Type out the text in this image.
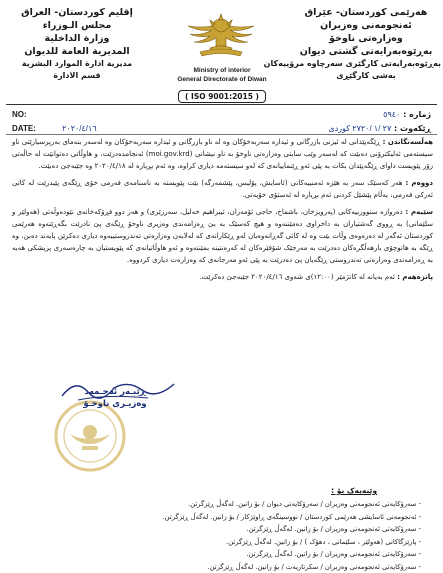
هەرێمی کوردستان- عێراق
ئەنجومەنی وەزیران
وەزارەتی ناوخۆ
بەڕێوەبەرایەتی گشتی دیوان
بەڕێوەبەرایەتی کارگێری سەرچاوە مرۆییەکان
بەشی کارگێڕی
إقليم كوردستان- العراق
مجلس الـوزراء
وزارة الداخلية
المديرية العامة للديوان
مديرية ادارة الموارد البشرية
قسم الادارة
Ministry of interior
General Directorate of Diwan
( ISO 9001:2015 )
NO:
DATE:	٢٠٢٠/٤/١٦
ژمارە : ٥٩٤٠
ڕێکەوت : ٢٧ /١ /٢٧٢٠ کوردی

هەڵسەنگاندن : ڕێگەپێدانی لە ئیزنی بازرگانی و ئیدارە سەربەخۆکان وە لە ناو بازرگانی و ئیدارە سەربەخۆکان وە لەسەر بنەمای بەرپرسیارێتی ناو سیستەمی ئەلیکترۆنی دەبێت کە لەسەر وێب سایتی وەزارەتی ناوخۆ بە ناو نیشانی (moi.gov.krd) ئەنجامدەدرێت، و هاوڵاتی دەتوانێت لە حاڵەتی زۆر پێویست داوای ڕێگەپێدان بکات بە پێی ئەو ڕێنماییانەی کە لەو سیستەمە دیاری کراوە، وە ئەم بڕیارە لە ٢٠٢٠/٤/١٨ وە جێبەجێ دەبێت.

دووەم : هەر کەسێک سەر بە هێزە ئەمنییەکانی (ئاسایش، پۆلیس، پێشمەرگە) بێت پێویستە بە ناسنامەی فەرمی خۆی ڕێگەی پێبدرێت لە کاتی ئەرکی فەرمی، بەڵام پێشێل کردنی ئەم بڕیارە لە ئەستۆی خۆیەتی.

سێیەم : دەروازە سنوورییەکانی (پەرویزخان، باشماخ، حاجی ئۆمەران، ئیبراهیم خەلیل، سەرزێری) و هەر دوو فڕۆکەخانەی نێودەوڵەتی (هەولێر و سلێمانی) بە ڕووی گەشتیاران بە داخراوی دەمێننەوە و هیچ کەسێک بە بێ ڕەزامەندی وەزیری ناوخۆ ڕێگەی پێ نادرێت بگەڕێتەوە هەرێمی کوردستان ئەگەر لە دەرەوەی وڵات بێت وە لە کاتی گەڕانەوەیان لەو ڕێکارانەی کە لەلایەن وەزارەتی تەندروستییەوە دیاری دەکرێن پابەند دەبن، وە ڕێگە بە هاتوچۆی بارهەڵگرەکان دەدرێت بە مەرجێک شۆفێرەکان لە کەرەنتینە بمێننەوە و ئەو هاوڵاتیانەی کە پێویستیان بە چارەسەری پزیشکی هەیە بە ڕەزامەندی وەزارەتی تەندروستی ڕێگەیان پێ دەدرێت بە پێی ئەو مەرجانەی کە وەزارەت دیاری کردووە.

پانزەهەم : ئەم بەیانە لە کاتژمێر (١٢:٠٠)ی شەوی ٢٠٢٠/٤/١٦ جێبەجێ دەکرێت.

ڕێبـەر ئەحـمەد
وەزیـری ناوخـۆ
وێنەیەک بۆ :
- سەرۆکایەتی ئەنجومەنی وەزیران / سەرۆکایەتی دیوان / بۆ زانین. لەگەڵ ڕێزگرتن.
- ئەنجومەنی ئاسایشی هەرێمی کوردستان / نووسینگەی ڕاوێژکار / بۆ زانین. لەگەڵ ڕێزگرتن.
- سەرۆکایەتی ئەنجومەنی وەزیران / بۆ زانین. لەگەڵ ڕێزگرتن.
- پارێزگاکانی (هەولێر ، سلێمانی ، دهۆک ) / بۆ زانین. لەگەڵ ڕێزگرتن.
- سەرۆکایەتی ئەنجومەنی وەزیران / بۆ زانین. لەگەڵ ڕێزگرتن.
- سەرۆکایەتی ئەنجومەنی وەزیران / سکرتاریەت / بۆ زانین. لەگەڵ ڕێزگرتن.
